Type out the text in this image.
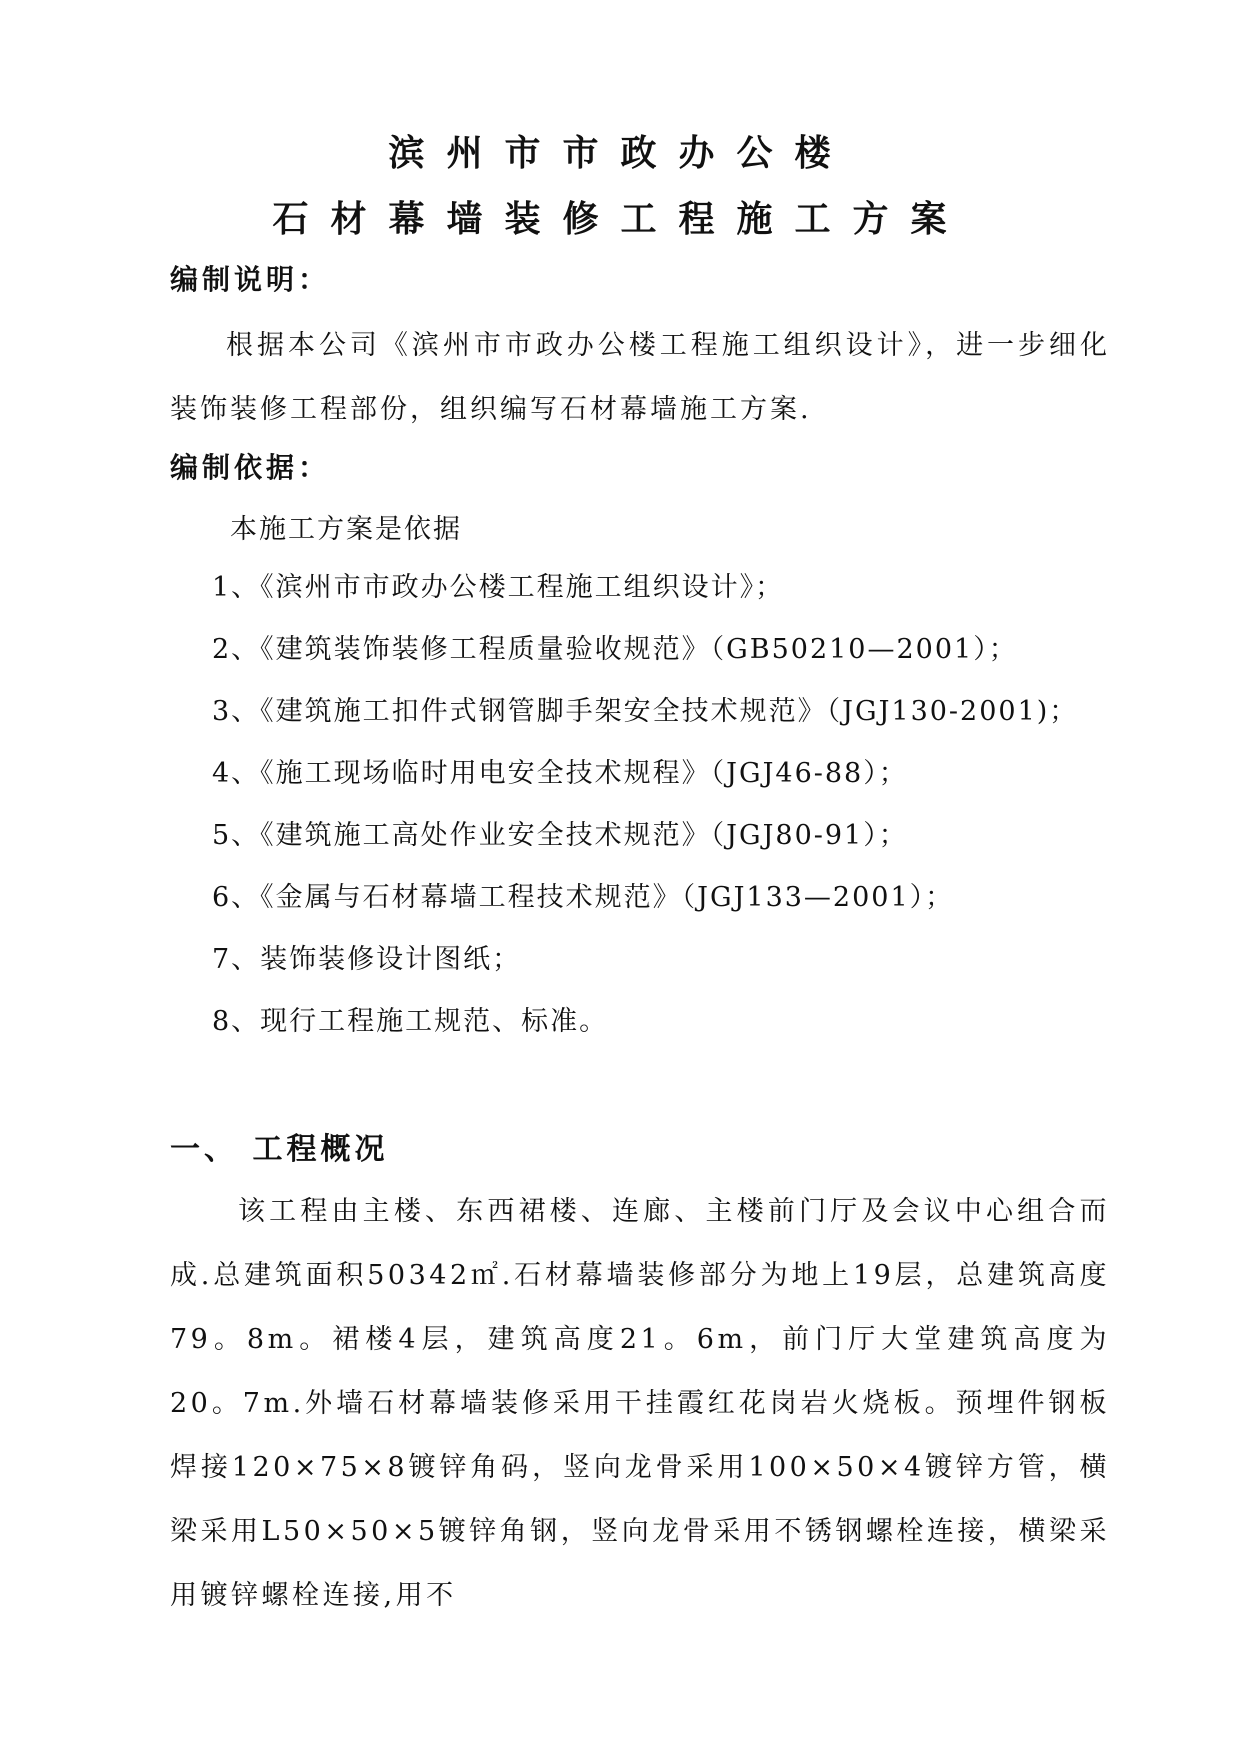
滨州市市政办公楼
石材幕墙装修工程施工方案
编制说明：
根据本公司《滨州市市政办公楼工程施工组织设计》，进一步细化装饰装修工程部份，组织编写石材幕墙施工方案.
编制依据：
本施工方案是依据
1、《滨州市市政办公楼工程施工组织设计》；
2、《建筑装饰装修工程质量验收规范》（GB50210—2001）；
3、《建筑施工扣件式钢管脚手架安全技术规范》（JGJ130-2001)；
4、《施工现场临时用电安全技术规程》（JGJ46-88）；
5、《建筑施工高处作业安全技术规范》（JGJ80-91）；
6、《金属与石材幕墙工程技术规范》（JGJ133—2001）；
7、装饰装修设计图纸；
8、现行工程施工规范、标准。
一、 工程概况
该工程由主楼、东西裙楼、连廊、主楼前门厅及会议中心组合而成.总建筑面积50342㎡.石材幕墙装修部分为地上19层，总建筑高度79。8m。裙楼4层，建筑高度21。6m，前门厅大堂建筑高度为20。7m.外墙石材幕墙装修采用干挂霞红花岗岩火烧板。预埋件钢板焊接120×75×8镀锌角码，竖向龙骨采用100×50×4镀锌方管，横梁采用L50×50×5镀锌角钢，竖向龙骨采用不锈钢螺栓连接，横梁采用镀锌螺栓连接,用不
